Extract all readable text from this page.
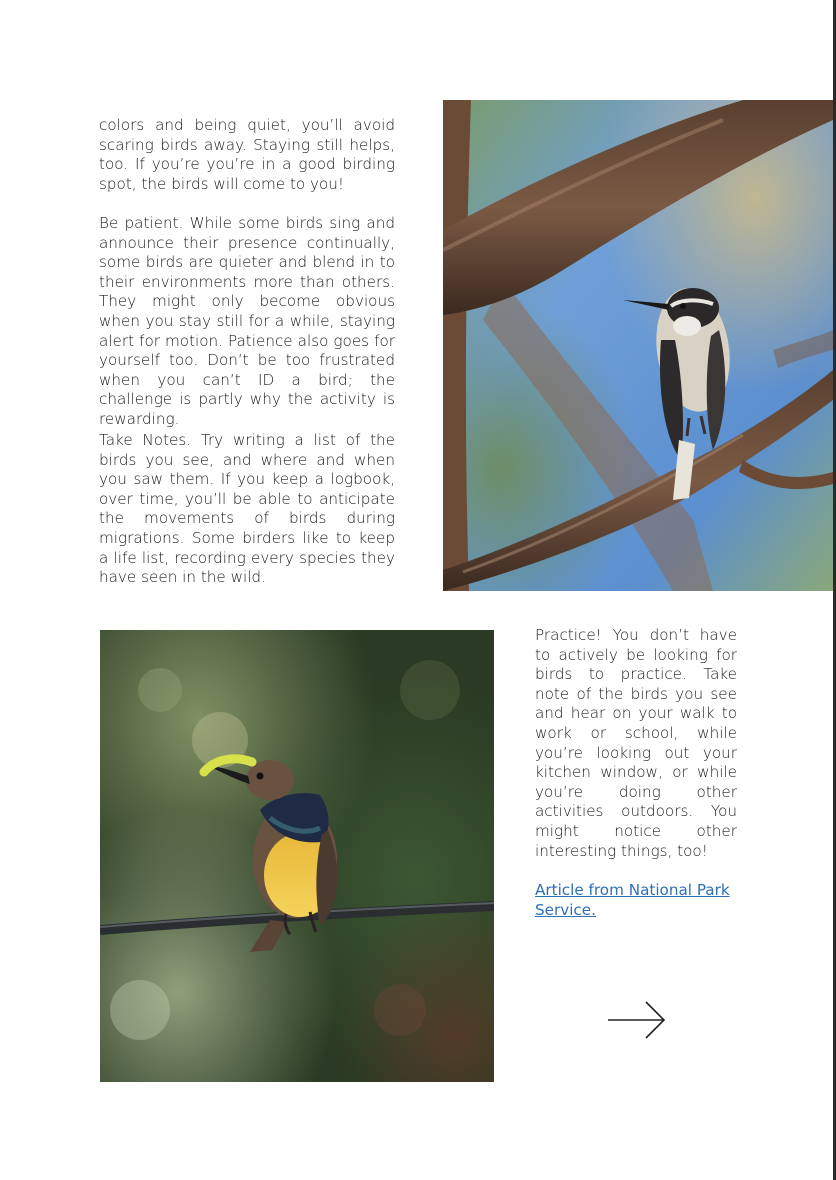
colors and being quiet, you’ll avoid scaring birds away. Staying still helps, too. If you’re you’re in a good birding spot, the birds will come to you!

Be patient. While some birds sing and announce their presence continually, some birds are quieter and blend in to their environments more than others. They might only become obvious when you stay still for a while, staying alert for motion. Patience also goes for yourself too. Don’t be too frustrated when you can’t ID a bird; the challenge is partly why the activity is rewarding.

Take Notes. Try writing a list of the birds you see, and where and when you saw them. If you keep a logbook, over time, you’ll be able to anticipate the movements of birds during migrations. Some birders like to keep a life list, recording every species they have seen in the wild.

Practice! You don’t have to actively be looking for birds to practice. Take note of the birds you see and hear on your walk to work or school, while you’re looking out your kitchen window, or while you’re doing other activities outdoors. You might notice other interesting things, too!

Article from National Park Service.
